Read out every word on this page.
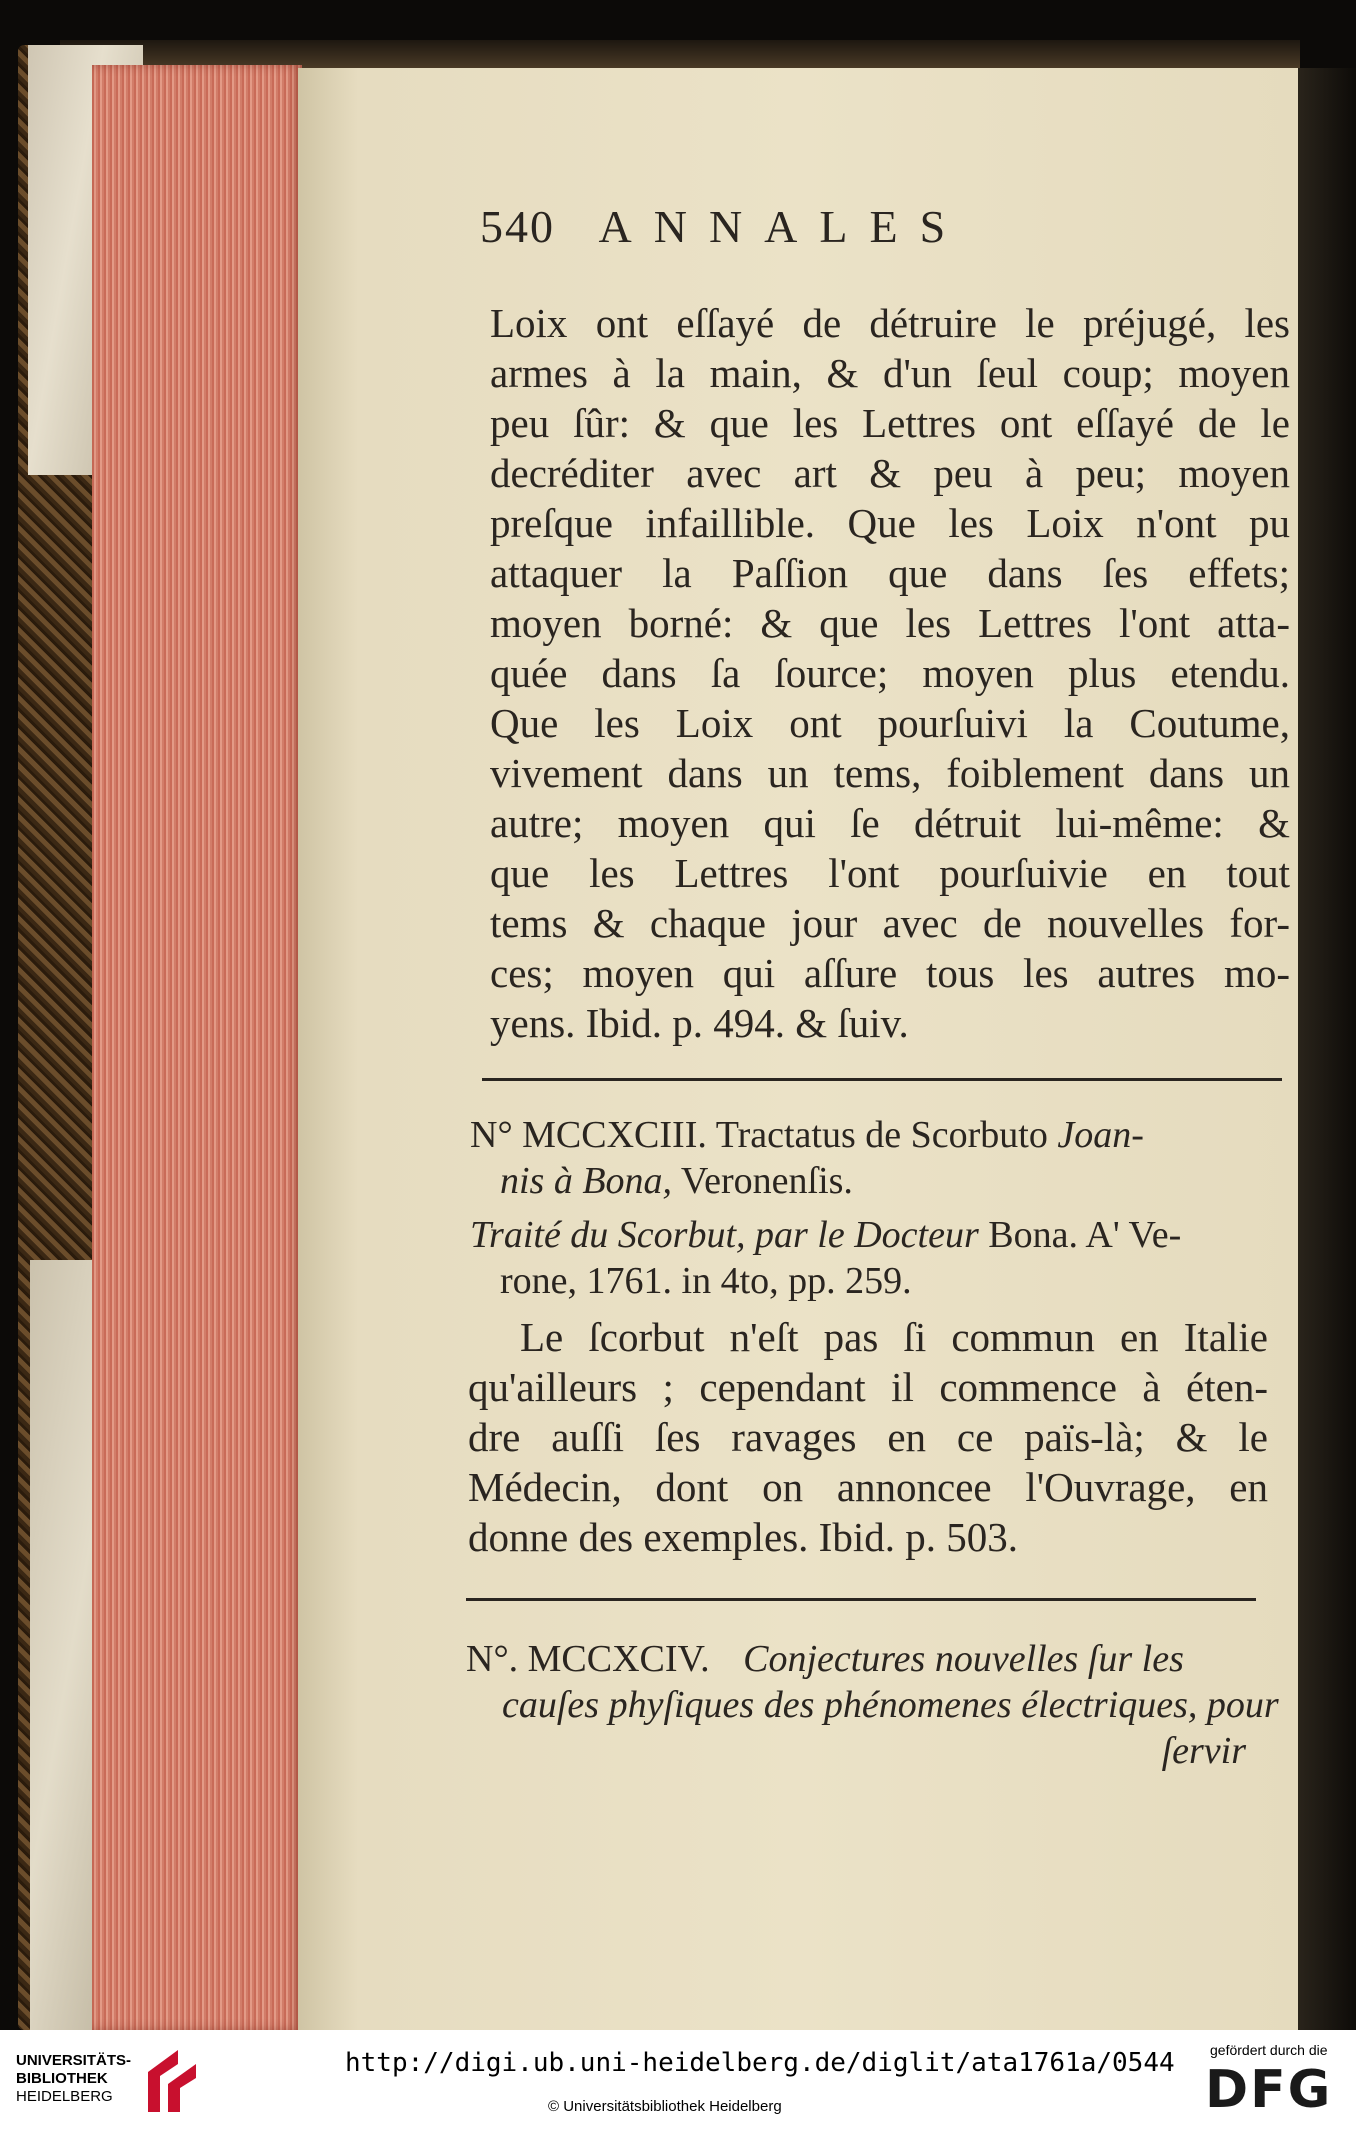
540 ANNALES
Loix ont eſſayé de détruire le préjugé, les
armes à la main, & d'un ſeul coup; moyen
peu ſûr: & que les Lettres ont eſſayé de le
decréditer avec art & peu à peu; moyen
preſque infaillible. Que les Loix n'ont pu
attaquer la Paſſion que dans ſes effets;
moyen borné: & que les Lettres l'ont atta-
quée dans ſa ſource; moyen plus etendu.
Que les Loix ont pourſuivi la Coutume,
vivement dans un tems, foiblement dans un
autre; moyen qui ſe détruit lui-même: &
que les Lettres l'ont pourſuivie en tout
tems & chaque jour avec de nouvelles for-
ces; moyen qui aſſure tous les autres mo-
yens. Ibid. p. 494. & ſuiv.
N° MCCXCIII. Tractatus de Scorbuto Joan-
nis à Bona, Veronenſis.
Traité du Scorbut, par le Docteur Bona. A' Ve-
rone, 1761. in 4to, pp. 259.
Le ſcorbut n'eſt pas ſi commun en Italie
qu'ailleurs ; cependant il commence à éten-
dre auſſi ſes ravages en ce païs-là; & le
Médecin, dont on annoncee l'Ouvrage, en
donne des exemples. Ibid. p. 503.
N°. MCCXCIV. Conjectures nouvelles ſur les
cauſes phyſiques des phénomenes électriques, pour
ſervir
UNIVERSITÄTS-
BIBLIOTHEK
HEIDELBERG
http://digi.ub.uni-heidelberg.de/diglit/ata1761a/0544
© Universitätsbibliothek Heidelberg
gefördert durch die
DFG
